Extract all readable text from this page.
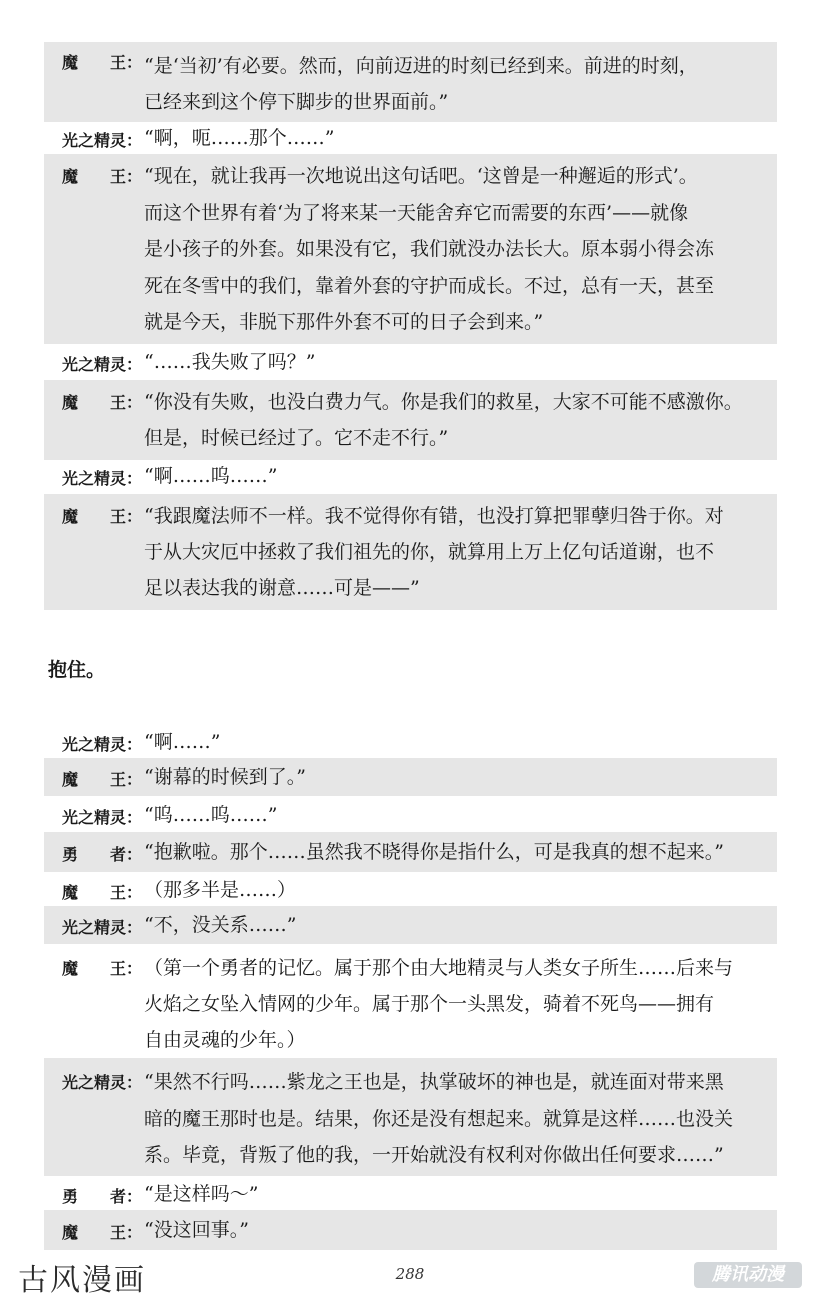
魔　　王： “是‘当初’有必要。然而，向前迈进的时刻已经到来。前进的时刻，
已经来到这个停下脚步的世界面前。”
光之精灵： “啊，呃……那个……”
魔　　王： “现在，就让我再一次地说出这句话吧。‘这曾是一种邂逅的形式’。
而这个世界有着‘为了将来某一天能舍弃它而需要的东西’——就像
是小孩子的外套。如果没有它，我们就没办法长大。原本弱小得会冻
死在冬雪中的我们，靠着外套的守护而成长。不过，总有一天，甚至
就是今天，非脱下那件外套不可的日子会到来。”
光之精灵： “……我失败了吗？”
魔　　王： “你没有失败，也没白费力气。你是我们的救星，大家不可能不感激你。
但是，时候已经过了。它不走不行。”
光之精灵： “啊……呜……”
魔　　王： “我跟魔法师不一样。我不觉得你有错，也没打算把罪孽归咎于你。对
于从大灾厄中拯救了我们祖先的你，就算用上万上亿句话道谢，也不
足以表达我的谢意……可是——”
抱住。
光之精灵： “啊……”
魔　　王： “谢幕的时候到了。”
光之精灵： “呜……呜……”
勇　　者： “抱歉啦。那个……虽然我不晓得你是指什么，可是我真的想不起来。”
魔　　王： （那多半是……）
光之精灵： “不，没关系……”
魔　　王： （第一个勇者的记忆。属于那个由大地精灵与人类女子所生……后来与
火焰之女坠入情网的少年。属于那个一头黑发，骑着不死鸟——拥有
自由灵魂的少年。）
光之精灵： “果然不行吗……紫龙之王也是，执掌破坏的神也是，就连面对带来黑
暗的魔王那时也是。结果，你还是没有想起来。就算是这样……也没关
系。毕竟，背叛了他的我，一开始就没有权利对你做出任何要求……”
勇　　者： “是这样吗～”
魔　　王： “没这回事。”
古风漫画	288	腾讯动漫
